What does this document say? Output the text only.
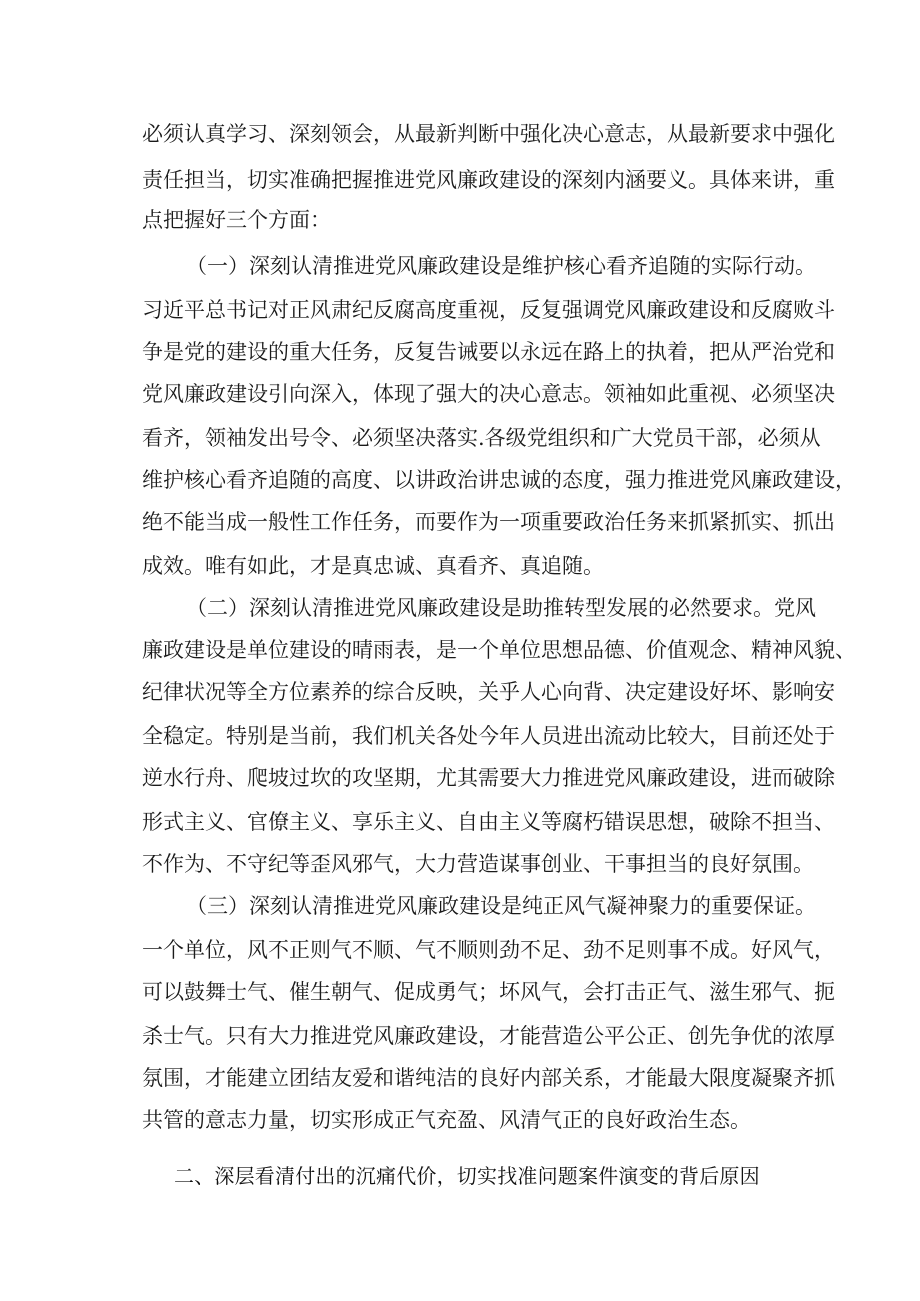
必须认真学习、深刻领会，从最新判断中强化决心意志，从最新要求中强化

责任担当，切实准确把握推进党风廉政建设的深刻内涵要义。具体来讲，重

点把握好三个方面：

（一）深刻认清推进党风廉政建设是维护核心看齐追随的实际行动。

习近平总书记对正风肃纪反腐高度重视，反复强调党风廉政建设和反腐败斗

争是党的建设的重大任务，反复告诫要以永远在路上的执着，把从严治党和

党风廉政建设引向深入，体现了强大的决心意志。领袖如此重视、必须坚决

看齐，领袖发出号令、必须坚决落实.各级党组织和广大党员干部，必须从

维护核心看齐追随的高度、以讲政治讲忠诚的态度，强力推进党风廉政建设，

绝不能当成一般性工作任务，而要作为一项重要政治任务来抓紧抓实、抓出

成效。唯有如此，才是真忠诚、真看齐、真追随。

（二）深刻认清推进党风廉政建设是助推转型发展的必然要求。党风

廉政建设是单位建设的晴雨表，是一个单位思想品德、价值观念、精神风貌、

纪律状况等全方位素养的综合反映，关乎人心向背、决定建设好坏、影响安

全稳定。特别是当前，我们机关各处今年人员进出流动比较大，目前还处于

逆水行舟、爬坡过坎的攻坚期，尤其需要大力推进党风廉政建设，进而破除

形式主义、官僚主义、享乐主义、自由主义等腐朽错误思想，破除不担当、

不作为、不守纪等歪风邪气，大力营造谋事创业、干事担当的良好氛围。

（三）深刻认清推进党风廉政建设是纯正风气凝神聚力的重要保证。

一个单位，风不正则气不顺、气不顺则劲不足、劲不足则事不成。好风气，

可以鼓舞士气、催生朝气、促成勇气；坏风气，会打击正气、滋生邪气、扼

杀士气。只有大力推进党风廉政建设，才能营造公平公正、创先争优的浓厚

氛围，才能建立团结友爱和谐纯洁的良好内部关系，才能最大限度凝聚齐抓

共管的意志力量，切实形成正气充盈、风清气正的良好政治生态。

二、深层看清付出的沉痛代价，切实找准问题案件演变的背后原因
